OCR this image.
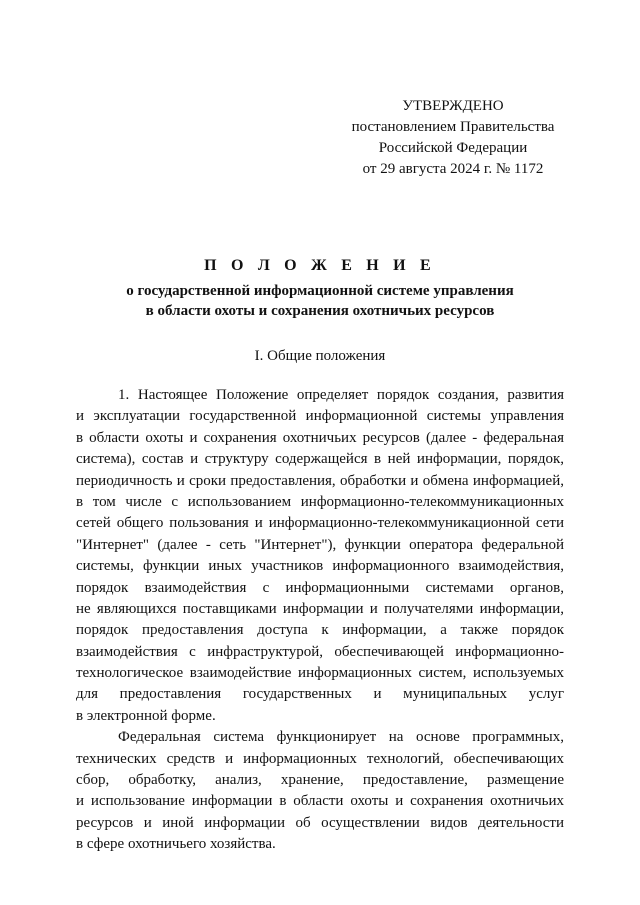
УТВЕРЖДЕНО
постановлением Правительства
Российской Федерации
от 29 августа 2024 г. № 1172
П О Л О Ж Е Н И Е
о государственной информационной системе управления
в области охоты и сохранения охотничьих ресурсов
I. Общие положения
1. Настоящее Положение определяет порядок создания, развития
и эксплуатации государственной информационной системы управления
в области охоты и сохранения охотничьих ресурсов (далее - федеральная
система), состав и структуру содержащейся в ней информации, порядок,
периодичность и сроки предоставления, обработки и обмена информацией,
в том числе с использованием информационно-телекоммуникационных
сетей общего пользования и информационно-телекоммуникационной сети
"Интернет" (далее - сеть "Интернет"), функции оператора федеральной
системы, функции иных участников информационного взаимодействия,
порядок взаимодействия с информационными системами органов,
не являющихся поставщиками информации и получателями информации,
порядок предоставления доступа к информации, а также порядок
взаимодействия с инфраструктурой, обеспечивающей информационно-
технологическое взаимодействие информационных систем, используемых
для предоставления государственных и муниципальных услуг
в электронной форме.
Федеральная система функционирует на основе программных,
технических средств и информационных технологий, обеспечивающих
сбор, обработку, анализ, хранение, предоставление, размещение
и использование информации в области охоты и сохранения охотничьих
ресурсов и иной информации об осуществлении видов деятельности
в сфере охотничьего хозяйства.
